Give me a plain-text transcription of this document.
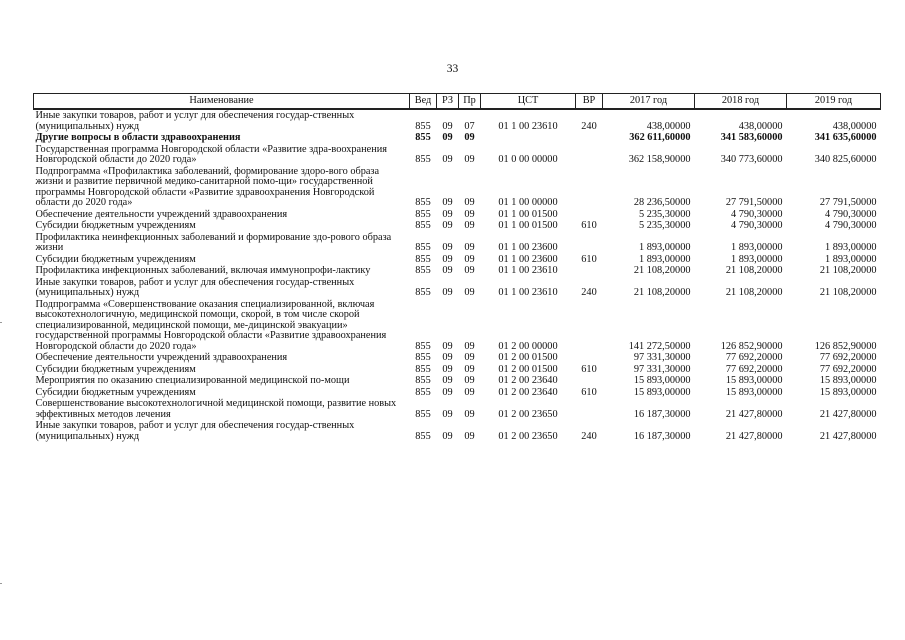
33
Наименование	Вед	РЗ	Пр	ЦСТ	ВР	2017 год	2018 год	2019 год
Иные закупки товаров, работ и услуг для обеспечения государ-ственных (муниципальных) нужд	855	09	07	01 1 00 23610	240	438,00000	438,00000	438,00000
Другие вопросы в области здравоохранения	855	09	09			362 611,60000	341 583,60000	341 635,60000
Государственная программа Новгородской области «Развитие здра-воохранения Новгородской области до 2020 года»	855	09	09	01 0 00 00000		362 158,90000	340 773,60000	340 825,60000
Подпрограмма «Профилактика заболеваний, формирование здоро-вого образа жизни и развитие первичной медико-санитарной помо-щи» государственной программы Новгородской области «Развитие здравоохранения Новгородской области до 2020 года»	855	09	09	01 1 00 00000		28 236,50000	27 791,50000	27 791,50000
Обеспечение деятельности учреждений здравоохранения	855	09	09	01 1 00 01500		5 235,30000	4 790,30000	4 790,30000
Субсидии бюджетным учреждениям	855	09	09	01 1 00 01500	610	5 235,30000	4 790,30000	4 790,30000
Профилактика неинфекционных заболеваний и формирование здо-рового образа жизни	855	09	09	01 1 00 23600		1 893,00000	1 893,00000	1 893,00000
Субсидии бюджетным учреждениям	855	09	09	01 1 00 23600	610	1 893,00000	1 893,00000	1 893,00000
Профилактика инфекционных заболеваний, включая иммунопрофи-лактику	855	09	09	01 1 00 23610		21 108,20000	21 108,20000	21 108,20000
Иные закупки товаров, работ и услуг для обеспечения государ-ственных (муниципальных) нужд	855	09	09	01 1 00 23610	240	21 108,20000	21 108,20000	21 108,20000
Подпрограмма «Совершенствование оказания специализированной, включая высокотехнологичную, медицинской помощи, скорой, в том числе скорой специализированной, медицинской помощи, ме-дицинской эвакуации» государственной программы Новгородской области «Развитие здравоохранения Новгородской области до 2020 года»	855	09	09	01 2 00 00000		141 272,50000	126 852,90000	126 852,90000
Обеспечение деятельности учреждений здравоохранения	855	09	09	01 2 00 01500		97 331,30000	77 692,20000	77 692,20000
Субсидии бюджетным учреждениям	855	09	09	01 2 00 01500	610	97 331,30000	77 692,20000	77 692,20000
Мероприятия по оказанию специализированной медицинской по-мощи	855	09	09	01 2 00 23640		15 893,00000	15 893,00000	15 893,00000
Субсидии бюджетным учреждениям	855	09	09	01 2 00 23640	610	15 893,00000	15 893,00000	15 893,00000
Совершенствование высокотехнологичной медицинской помощи, развитие новых эффективных методов лечения	855	09	09	01 2 00 23650		16 187,30000	21 427,80000	21 427,80000
Иные закупки товаров, работ и услуг для обеспечения государ-ственных (муниципальных) нужд	855	09	09	01 2 00 23650	240	16 187,30000	21 427,80000	21 427,80000
